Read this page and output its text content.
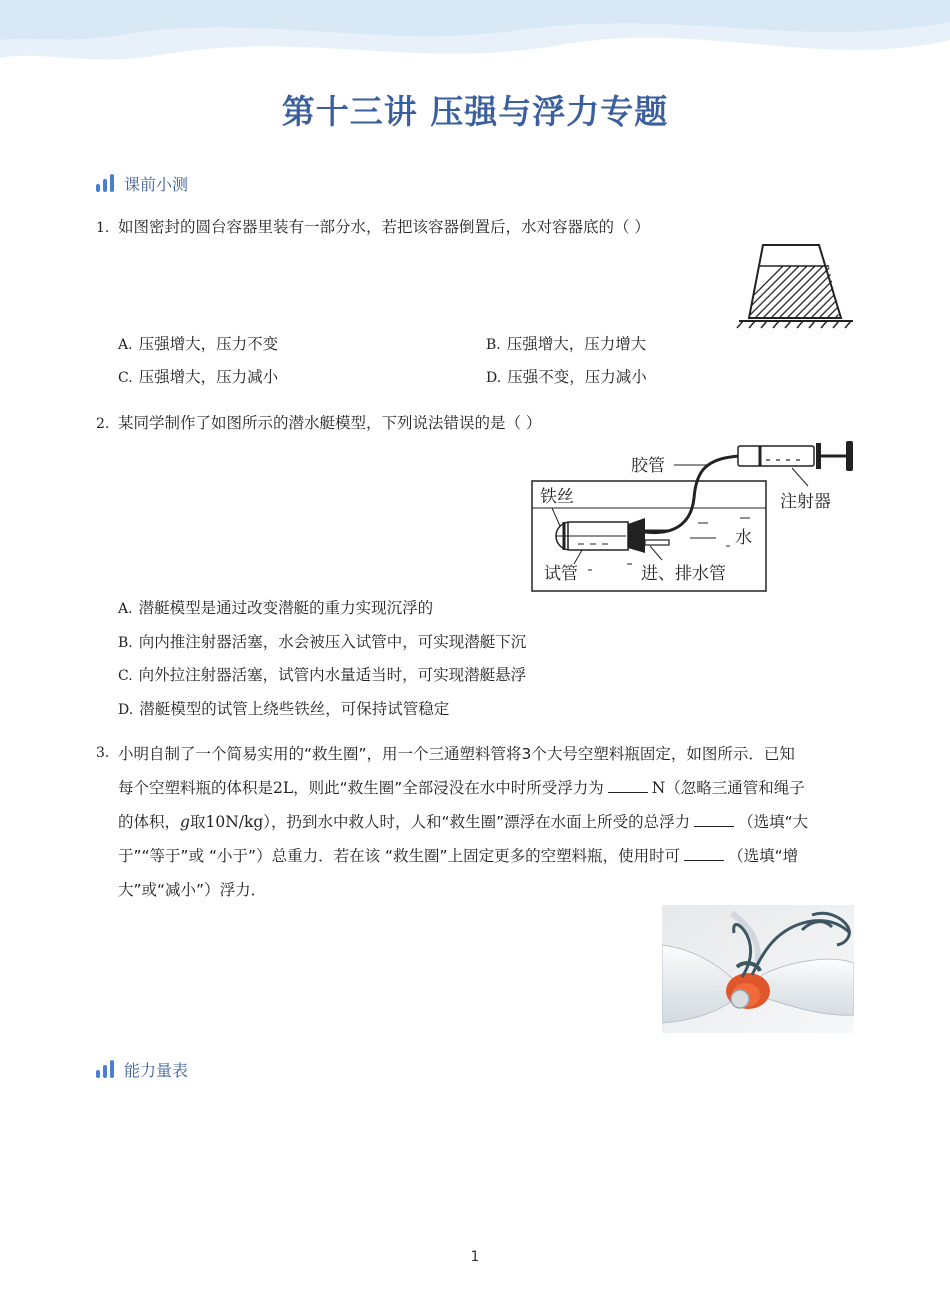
第十三讲 压强与浮力专题
课前小测
1. 如图密封的圆台容器里装有一部分水，若把该容器倒置后，水对容器底的（ ）
A. 压强增大，压力不变	B. 压强增大，压力增大
C. 压强增大，压力减小	D. 压强不变，压力减小
2. 某同学制作了如图所示的潜水艇模型，下列说法错误的是（ ）
胶管
注射器
铁丝
水
试管	进、排水管
A. 潜艇模型是通过改变潜艇的重力实现沉浮的
B. 向内推注射器活塞，水会被压入试管中，可实现潜艇下沉
C. 向外拉注射器活塞，试管内水量适当时，可实现潜艇悬浮
D. 潜艇模型的试管上绕些铁丝，可保持试管稳定
3. 小明自制了一个简易实用的“救生圈”，用一个三通塑料管将3个大号空塑料瓶固定，如图所示．已知
每个空塑料瓶的体积是2L，则此“救生圈”全部浸没在水中时所受浮力为	N（忽略三通管和绳子
的体积，g取10N/kg），扔到水中救人时，人和“救生圈”漂浮在水面上所受的总浮力	（选填“大
于”“等于”或 “小于”）总重力．若在该 “救生圈”上固定更多的空塑料瓶，使用时可	（选填“增
大”或“减小”）浮力．
能力量表
1
